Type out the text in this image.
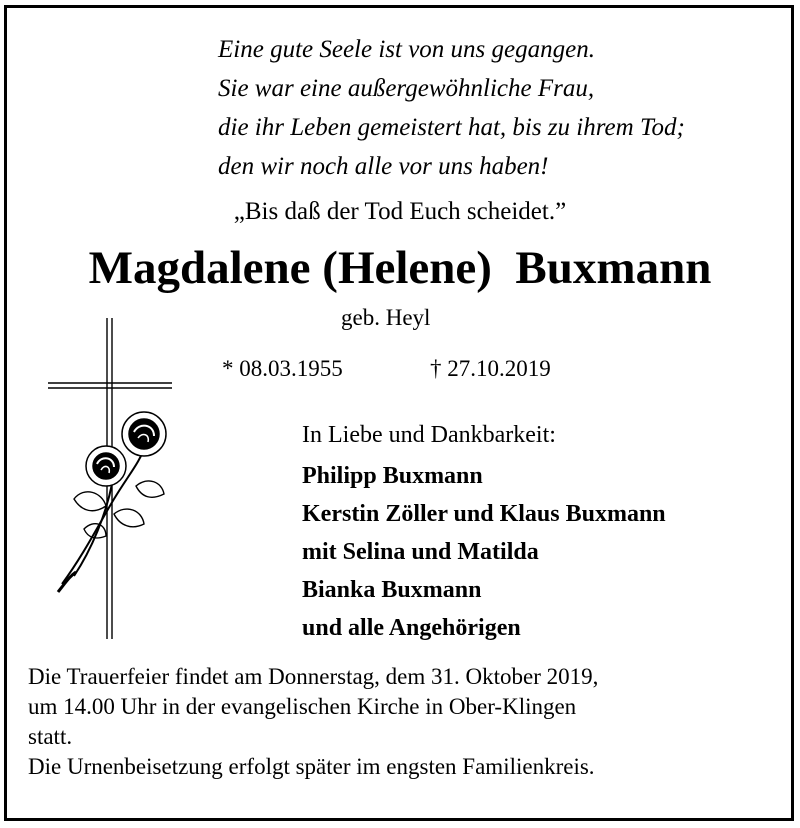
Eine gute Seele ist von uns gegangen.
Sie war eine außergewöhnliche Frau,
die ihr Leben gemeistert hat, bis zu ihrem Tod;
den wir noch alle vor uns haben!
„Bis daß der Tod Euch scheidet.”
Magdalene (Helene)  Buxmann
geb. Heyl
* 08.03.1955	† 27.10.2019
In Liebe und Dankbarkeit:
Philipp Buxmann
Kerstin Zöller und Klaus Buxmann
mit Selina und Matilda
Bianka Buxmann
und alle Angehörigen
Die Trauerfeier findet am Donnerstag, dem 31. Oktober 2019,
um 14.00 Uhr in der evangelischen Kirche in Ober-Klingen
statt.
Die Urnenbeisetzung erfolgt später im engsten Familienkreis.
